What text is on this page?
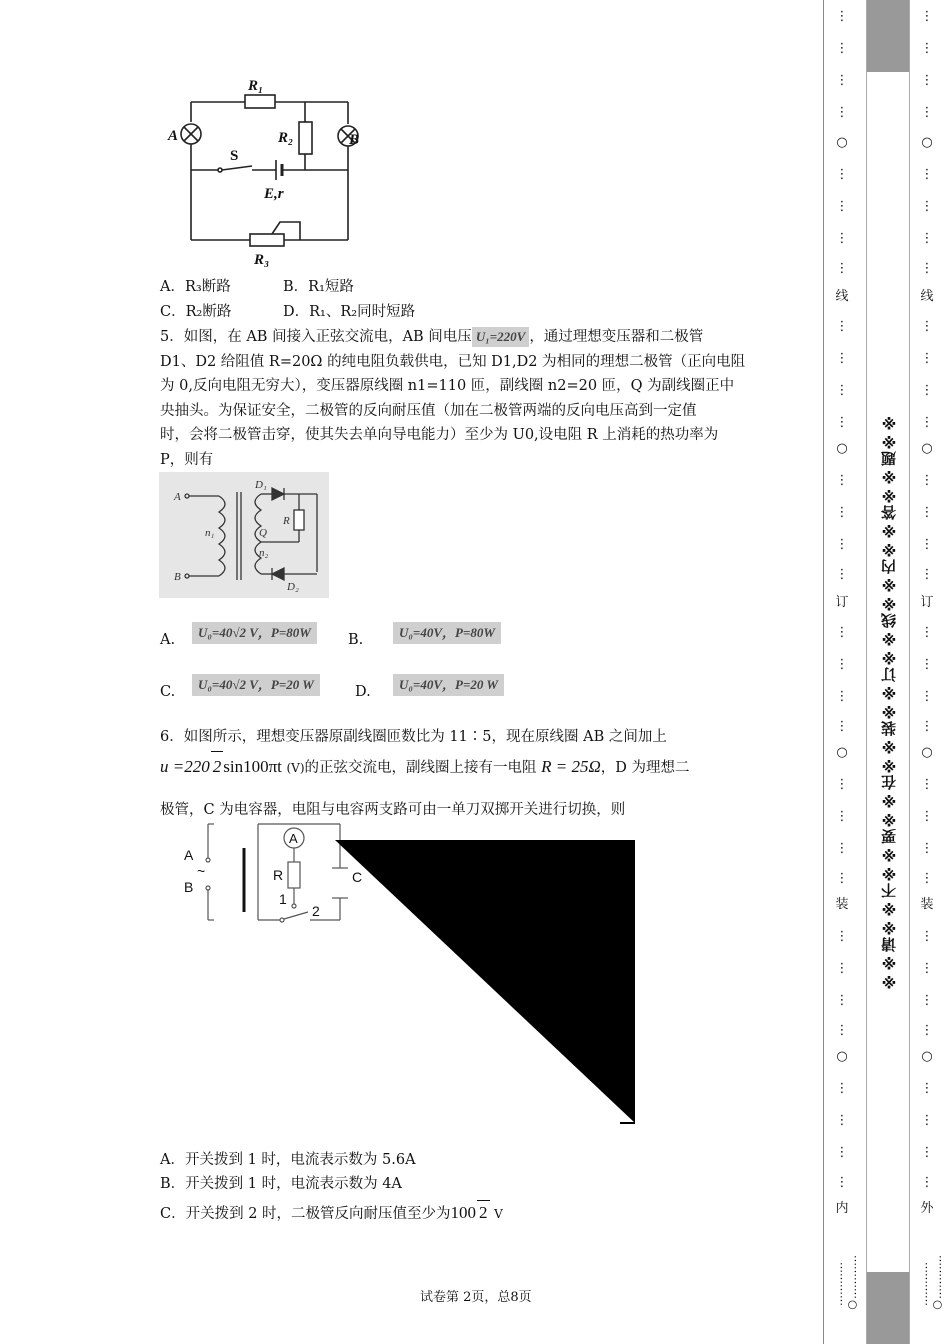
R₁
R₂
R₃
A	B
S
E,r
A．R₃断路	B．R₁短路
C．R₂断路	D．R₁、R₂同时短路

5．如图，在 AB 间接入正弦交流电，AB 间电压 U₁=220V ，通过理想变压器和二极管

D1、D2 给阻值 R=20Ω 的纯电阻负载供电，已知 D1,D2 为相同的理想二极管（正向电阻

为 0,反向电阻无穷大），变压器原线圈 n1=110 匝，副线圈 n2=20 匝，Q 为副线圈正中

央抽头。为保证安全，二极管的反向耐压值（加在二极管两端的反向电压高到一定值

时，会将二极管击穿，使其失去单向导电能力）至少为 U0,设电阻 R 上消耗的热功率为

P，则有

A
B
n₁
n₂
Q
D₁
D₂
R
A.	U₀=40√2 V，P=80W	B.	U₀=40V，P=80W
C.	U₀=40√2 V，P=20 W	D.	U₀=40V，P=20 W

6．如图所示，理想变压器原副线圈匝数比为 11∶5，现在原线圈 AB 之间加上

u =220 2 sin100πt (V)的正弦交流电，副线圈上接有一电阻 R = 25Ω，D 为理想二

极管，C 为电容器，电阻与电容两支路可由一单刀双掷开关进行切换，则
A
~
B
A
R	C
1
2
A．开关拨到 1 时，电流表示数为 5.6A
B．开关拨到 1 时，电流表示数为 4A
C．开关拨到 2 时，二极管反向耐压值至少为100 2 V
试卷第 2页，总8页
※※请※※不※※要※※在※※装※※订※※线※※内※※答※※题※※
⋮
⋮
⋮
⋮
○
⋮
⋮
⋮
⋮
线
⋮
⋮
⋮
⋮
○
⋮
⋮
⋮
⋮
订
⋮
⋮
⋮
⋮
○
⋮
⋮
⋮
⋮
装
⋮
⋮
⋮
⋮
○
⋮
⋮
⋮
⋮
内
…………○…………
⋮
⋮
⋮
⋮
○
⋮
⋮
⋮
⋮
线
⋮
⋮
⋮
⋮
○
⋮
⋮
⋮
⋮
订
⋮
⋮
⋮
⋮
○
⋮
⋮
⋮
⋮
装
⋮
⋮
⋮
⋮
○
⋮
⋮
⋮
⋮
外
…………○…………
